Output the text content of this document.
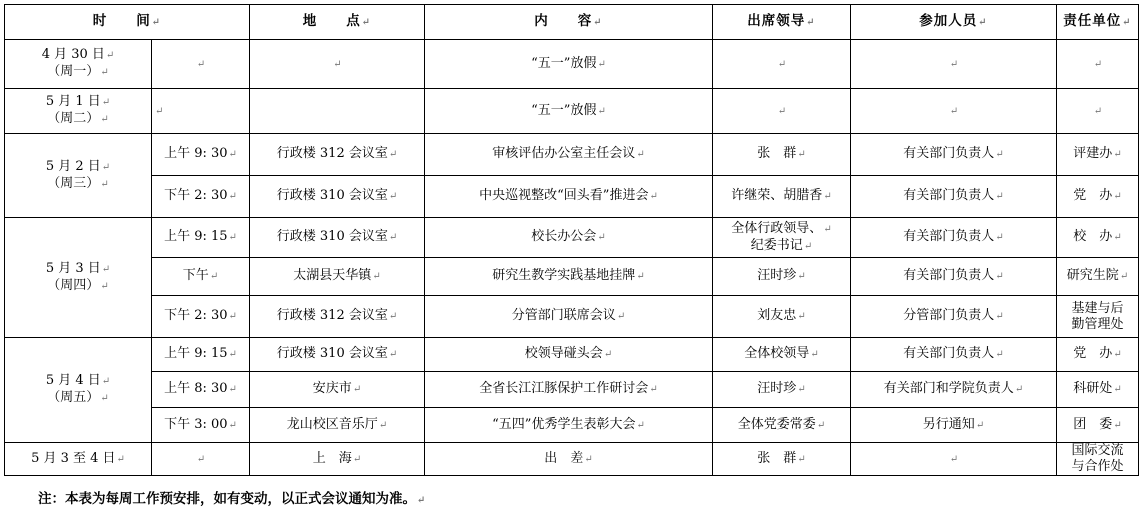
时　　间↵		地　　点↵	内　　容↵	出席领导↵	参加人员↵	责任单位↵
4 月 30 日↵
（周一）↵	↵	↵	“五一”放假↵	↵	↵	↵
5 月 1 日↵
（周二）↵	↵		“五一”放假↵	↵	↵	↵
5 月 2 日↵
（周三）↵	上午 9: 30↵	行政楼 312 会议室↵	审核评估办公室主任会议↵	张　群↵	有关部门负责人↵	评建办↵
	下午 2: 30↵	行政楼 310 会议室↵	中央巡视整改“回头看”推进会↵	许继荣、胡腊香↵	有关部门负责人↵	党　办↵
5 月 3 日↵
（周四）↵	上午 9: 15↵	行政楼 310 会议室↵	校长办公会↵	全体行政领导、↵
纪委书记↵	有关部门负责人↵	校　办↵
	下午↵	太湖县天华镇↵	研究生教学实践基地挂牌↵	汪时珍↵	有关部门负责人↵	研究生院↵
	下午 2: 30↵	行政楼 312 会议室↵	分管部门联席会议↵	刘友忠↵	分管部门负责人↵	基建与后
勤管理处
5 月 4 日↵
（周五）↵	上午 9: 15↵	行政楼 310 会议室↵	校领导碰头会↵	全体校领导↵	有关部门负责人↵	党　办↵
	上午 8: 30↵	安庆市↵	全省长江江豚保护工作研讨会↵	汪时珍↵	有关部门和学院负责人↵	科研处↵
	下午 3: 00↵	龙山校区音乐厅↵	“五四”优秀学生表彰大会↵	全体党委常委↵	另行通知↵	团　委↵
5 月 3 至 4 日↵	↵	上　海↵	出　差↵	张　群↵	↵	国际交流
与合作处
注：本表为每周工作预安排，如有变动，以正式会议通知为准。↵
